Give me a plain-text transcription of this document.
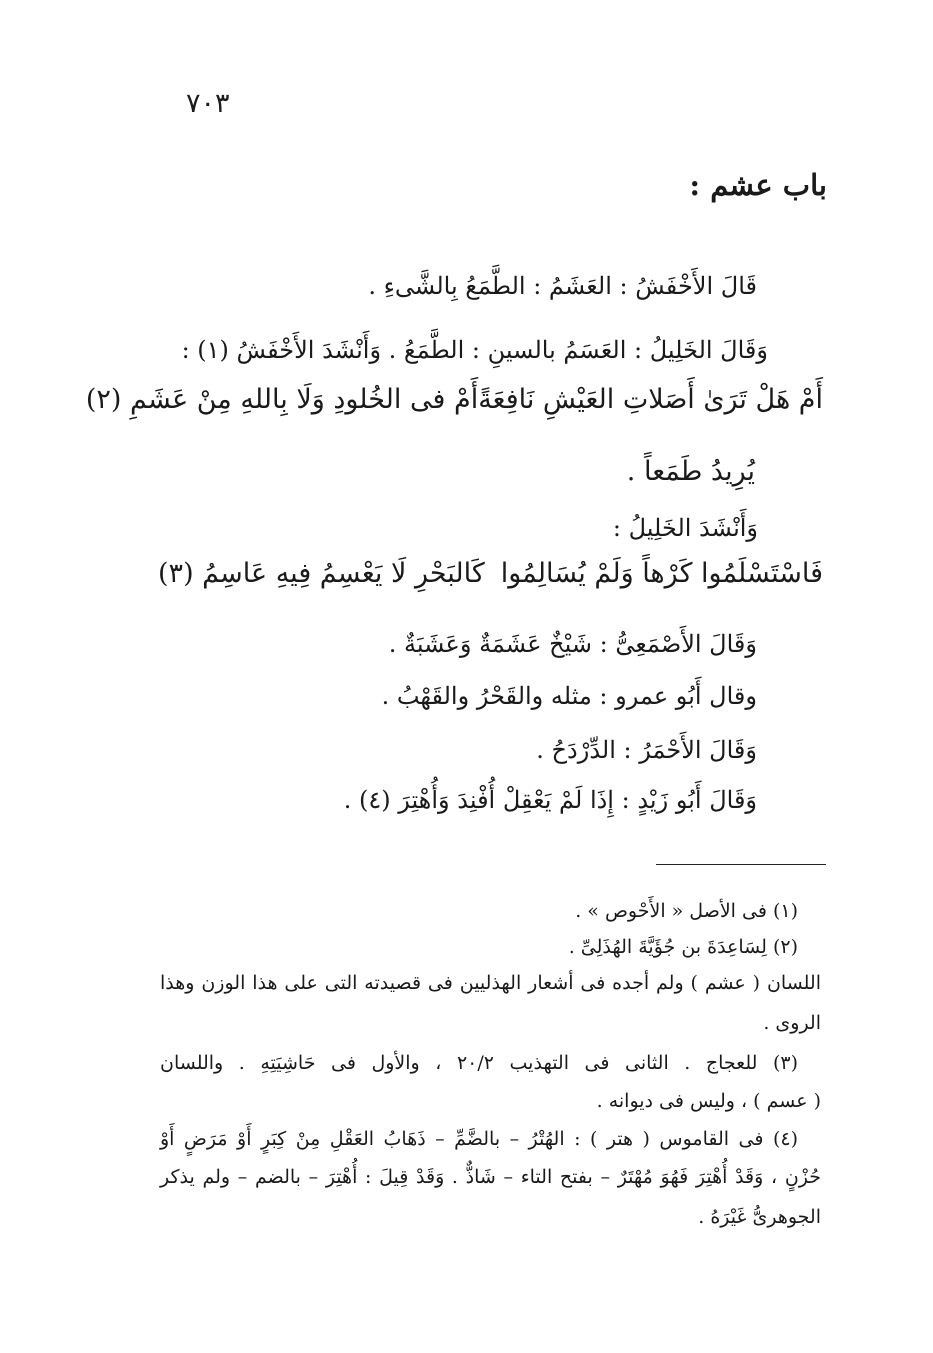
٧٠٣
باب عشم :
قَالَ الأَخْفَشُ : العَشَمُ : الطَّمَعُ بِالشَّىءِ .
وَقَالَ الخَلِيلُ : العَسَمُ بالسينِ : الطَّمَعُ . وَأَنْشَدَ الأَخْفَشُ (١) :
أَمْ هَلْ تَرَىٰ أَصَلاتِ العَيْشِ نَافِعَةً
أَمْ فى الخُلودِ وَلَا بِاللهِ مِنْ عَشَمِ (٢)
يُرِيدُ طَمَعاً .
وَأَنْشَدَ الخَلِيلُ :
فَاسْتَسْلَمُوا كَرْهاً وَلَمْ يُسَالِمُوا
كَالبَحْرِ لَا يَعْسِمُ فِيهِ عَاسِمُ (٣)
وَقَالَ الأَصْمَعِىُّ : شَيْخٌ عَشَمَةٌ وَعَشَبَةٌ .
وقال أَبُو عمرو : مثله والقَحْرُ والقَهْبُ .
وَقَالَ الأَحْمَرُ : الدِّرْدَحُ .
وَقَالَ أَبُو زَيْدٍ : إِذَا لَمْ يَعْقِلْ أُفْنِدَ وَأُهْتِرَ (٤) .
(١) فى الأصل « الأَحْوص » .
(٢) لِسَاعِدَةَ بن جُؤَيَّةَ الهُذَلِىِّ .
اللسان ( عشم ) ولم أجده فى أشعار الهذليين فى قصيدته التى على هذا الوزن وهذا
الروى .
(٣) للعجاج . الثانى فى التهذيب ٢٠/٢ ، والأول فى حَاشِيَتِهِ . واللسان
( عسم ) ، وليس فى ديوانه .
(٤) فى القاموس ( هتر ) : الهُتْرُ – بالضَّمِّ – ذَهَابُ العَقْلِ مِنْ كِبَرٍ أَوْ مَرَضٍ أَوْ
حُزْنٍ ، وَقَدْ أُهْتِرَ فَهُوَ مُهْتَرٌ – بفتح التاء – شَاذٌّ . وَقَدْ قِيلَ : أُهْتِرَ – بالضم – ولم يذكر
الجوهرىُّ غَيْرَهُ .
